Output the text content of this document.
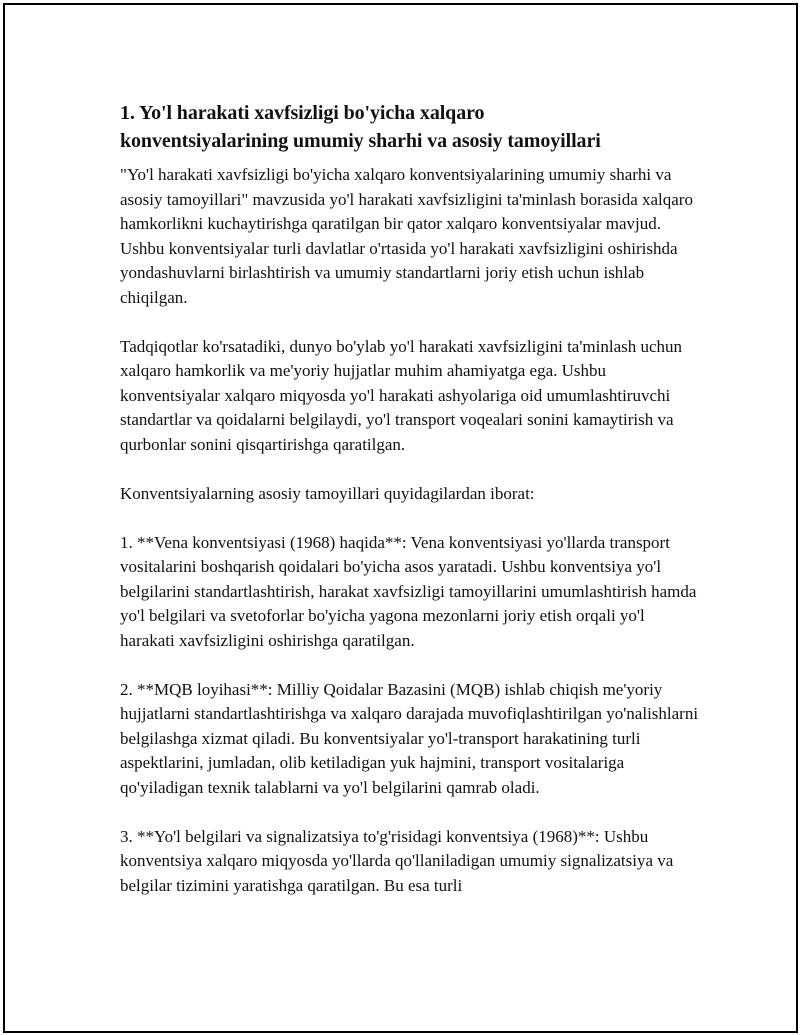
1. Yo'l harakati xavfsizligi bo'yicha xalqaro
konventsiyalarining umumiy sharhi va asosiy tamoyillari

"Yo'l harakati xavfsizligi bo'yicha xalqaro konventsiyalarining umumiy sharhi va asosiy tamoyillari" mavzusida yo'l harakati xavfsizligini ta'minlash borasida xalqaro hamkorlikni kuchaytirishga qaratilgan bir qator xalqaro konventsiyalar mavjud. Ushbu konventsiyalar turli davlatlar o'rtasida yo'l harakati xavfsizligini oshirishda yondashuvlarni birlashtirish va umumiy standartlarni joriy etish uchun ishlab chiqilgan.

Tadqiqotlar ko'rsatadiki, dunyo bo'ylab yo'l harakati xavfsizligini ta'minlash uchun xalqaro hamkorlik va me'yoriy hujjatlar muhim ahamiyatga ega. Ushbu konventsiyalar xalqaro miqyosda yo'l harakati ashyolariga oid umumlashtiruvchi standartlar va qoidalarni belgilaydi, yo'l transport voqealari sonini kamaytirish va qurbonlar sonini qisqartirishga qaratilgan.

Konventsiyalarning asosiy tamoyillari quyidagilardan iborat:

1. **Vena konventsiyasi (1968) haqida**: Vena konventsiyasi yo'llarda transport vositalarini boshqarish qoidalari bo'yicha asos yaratadi. Ushbu konventsiya yo'l belgilarini standartlashtirish, harakat xavfsizligi tamoyillarini umumlashtirish hamda yo'l belgilari va svetoforlar bo'yicha yagona mezonlarni joriy etish orqali yo'l harakati xavfsizligini oshirishga qaratilgan.

2. **MQB loyihasi**: Milliy Qoidalar Bazasini (MQB) ishlab chiqish me'yoriy hujjatlarni standartlashtirishga va xalqaro darajada muvofiqlashtirilgan yo'nalishlarni belgilashga xizmat qiladi. Bu konventsiyalar yo'l-transport harakatining turli aspektlarini, jumladan, olib ketiladigan yuk hajmini, transport vositalariga qo'yiladigan texnik talablarni va yo'l belgilarini qamrab oladi.

3. **Yo'l belgilari va signalizatsiya to'g'risidagi konventsiya (1968)**: Ushbu konventsiya xalqaro miqyosda yo'llarda qo'llaniladigan umumiy signalizatsiya va belgilar tizimini yaratishga qaratilgan. Bu esa turli
